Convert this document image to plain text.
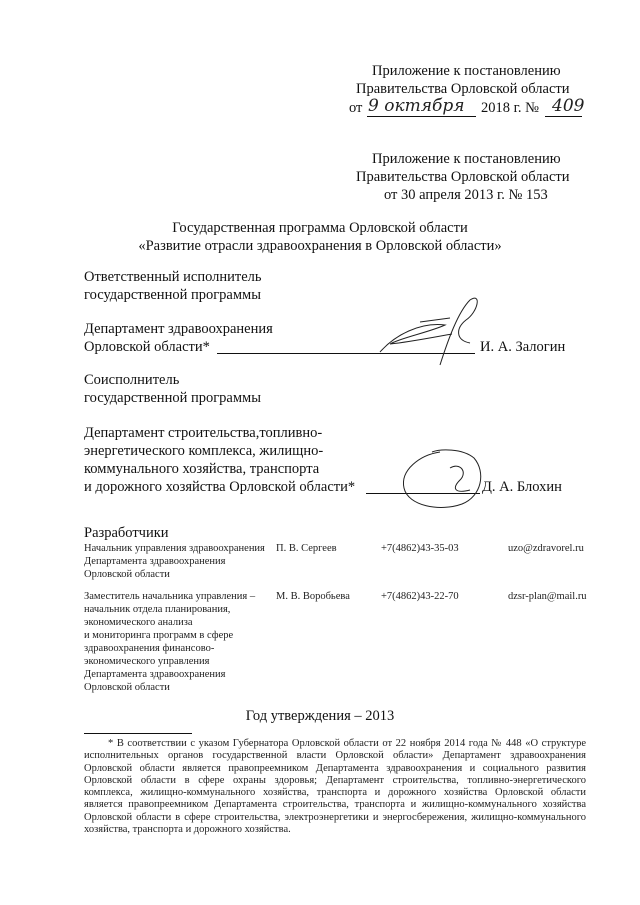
Приложение к постановлению
Правительства Орловской области
от 9 октября 2018 г. № 409
Приложение к постановлению
Правительства Орловской области
от 30 апреля 2013 г. № 153
Государственная программа Орловской области
«Развитие отрасли здравоохранения в Орловской области»
Ответственный исполнитель
государственной программы
Департамент здравоохранения
Орловской области*	И. А. Залогин
Соисполнитель
государственной программы
Департамент строительства,топливно-
энергетического комплекса, жилищно-
коммунального хозяйства, транспорта
и дорожного хозяйства Орловской области*	Д. А. Блохин
Разработчики
Начальник управления здравоохранения
Департамента здравоохранения
Орловской области
П. В. Сергеев	+7(4862)43-35-03	uzo@zdravorel.ru
Заместитель начальника управления –
начальник отдела планирования,
экономического анализа
и мониторинга программ в сфере
здравоохранения финансово-
экономического управления
Департамента здравоохранения
Орловской области
М. В. Воробьева	+7(4862)43-22-70	dzsr-plan@mail.ru
Год утверждения – 2013

* В соответствии с указом Губернатора Орловской области от 22 ноября 2014 года № 448 «О структуре исполнительных органов государственной власти Орловской области» Департамент здравоохранения Орловской области является правопреемником Департамента здравоохранения и социального развития Орловской области в сфере охраны здоровья; Департамент строительства, топливно-энергетического комплекса, жилищно-коммунального хозяйства, транспорта и дорожного хозяйства Орловской области является правопреемником Департамента строительства, транспорта и жилищно-коммунального хозяйства Орловской области в сфере строительства, электроэнергетики и энергосбережения, жилищно-коммунального хозяйства, транспорта и дорожного хозяйства.
